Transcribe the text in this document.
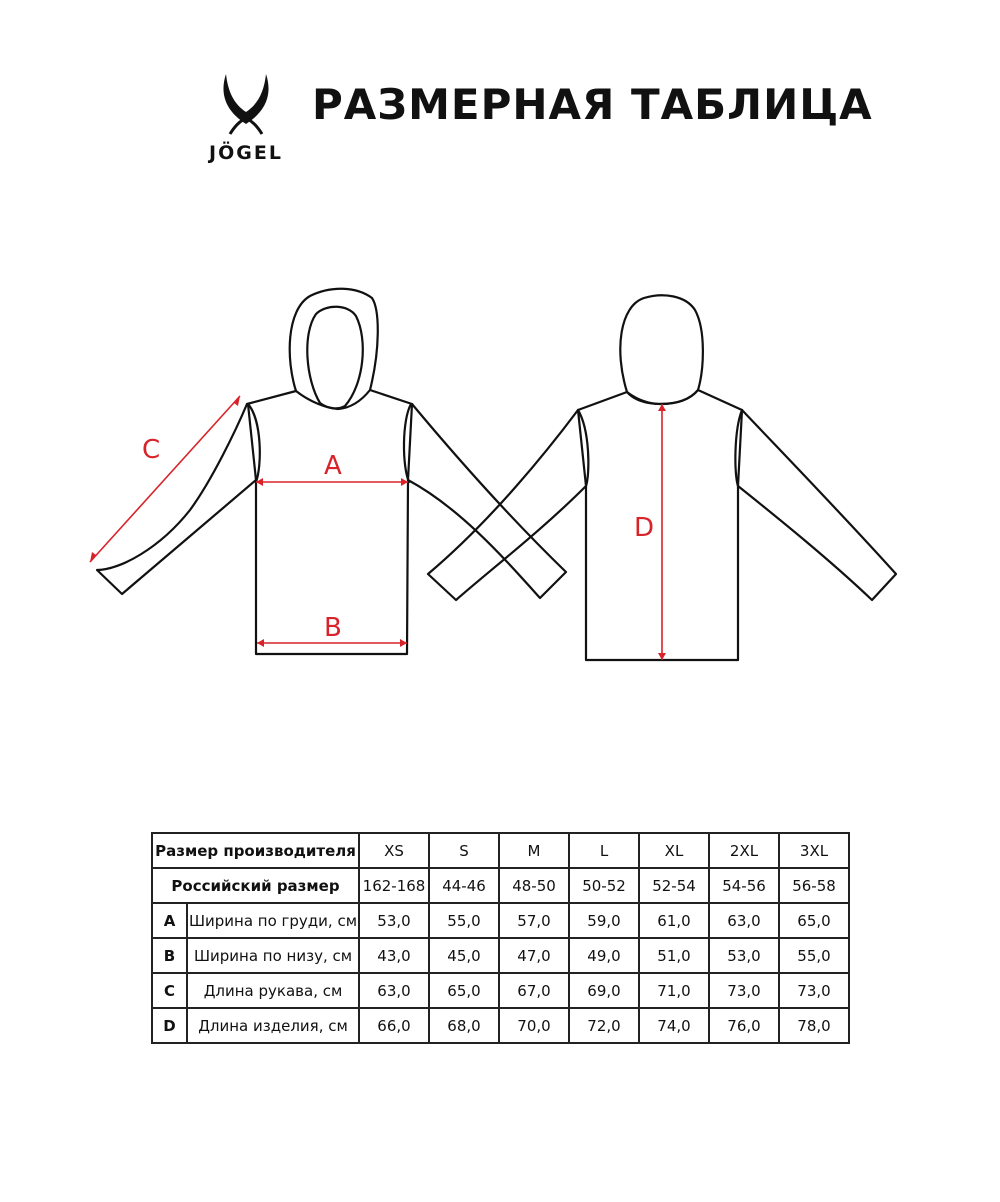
JÖGEL
РАЗМЕРНАЯ ТАБЛИЦА
A
B
C
D
Размер производителя		XS	S	M	L	XL	2XL	3XL
Российский размер		162-168	44-46	48-50	50-52	52-54	54-56	56-58
A	Ширина по груди, см	53,0	55,0	57,0	59,0	61,0	63,0	65,0
B	Ширина по низу, см	43,0	45,0	47,0	49,0	51,0	53,0	55,0
C	Длина рукава, см	63,0	65,0	67,0	69,0	71,0	73,0	73,0
D	Длина изделия, см	66,0	68,0	70,0	72,0	74,0	76,0	78,0
